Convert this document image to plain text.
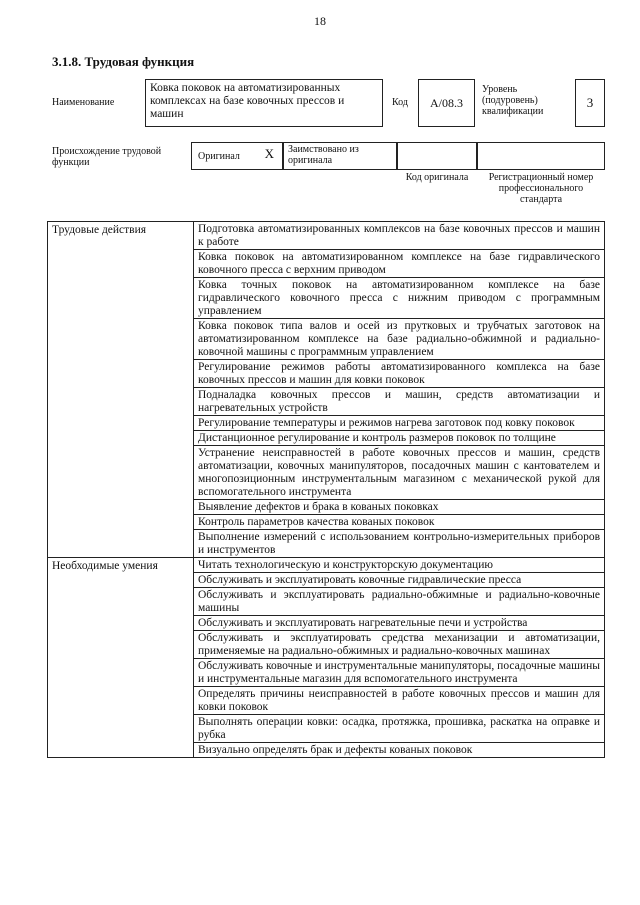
18
3.1.8. Трудовая функция
Наименование
Ковка поковок на автоматизированных комплексах на базе ковочных прессов и машин
Код А/08.3
Уровень (подуровень) квалификации
3
Происхождение трудовой функции
Оригинал X	Заимствовано из оригинала
Код оригинала	Регистрационный номер профессионального стандарта
Трудовые действия	Подготовка автоматизированных комплексов на базе ковочных прессов и машин к работе
	Ковка поковок на автоматизированном комплексе на базе гидравлического ковочного пресса с верхним приводом
	Ковка точных поковок на автоматизированном комплексе на базе гидравлического ковочного пресса с нижним приводом с программным управлением
	Ковка поковок типа валов и осей из прутковых и трубчатых заготовок на автоматизированном комплексе на базе радиально-обжимной и радиально-ковочной машины с программным управлением
	Регулирование режимов работы автоматизированного комплекса на базе ковочных прессов и машин для ковки поковок
	Подналадка ковочных прессов и машин, средств автоматизации и нагревательных устройств
	Регулирование температуры и режимов нагрева заготовок под ковку поковок
	Дистанционное регулирование и контроль размеров поковок по толщине
	Устранение неисправностей в работе ковочных прессов и машин, средств автоматизации, ковочных манипуляторов, посадочных машин с кантователем и многопозиционным инструментальным магазином с механической рукой для вспомогательного инструмента
	Выявление дефектов и брака в кованых поковках
	Контроль параметров качества кованых поковок
	Выполнение измерений с использованием контрольно-измерительных приборов и инструментов
Необходимые умения	Читать технологическую и конструкторскую документацию
	Обслуживать и эксплуатировать ковочные гидравлические пресса
	Обслуживать и эксплуатировать радиально-обжимные и радиально-ковочные машины
	Обслуживать и эксплуатировать нагревательные печи и устройства
	Обслуживать и эксплуатировать средства механизации и автоматизации, применяемые на радиально-обжимных и радиально-ковочных машинах
	Обслуживать ковочные и инструментальные манипуляторы, посадочные машины и инструментальные магазин для вспомогательного инструмента
	Определять причины неисправностей в работе ковочных прессов и машин для ковки поковок
	Выполнять операции ковки: осадка, протяжка, прошивка, раскатка на оправке и рубка
	Визуально определять брак и дефекты кованых поковок
